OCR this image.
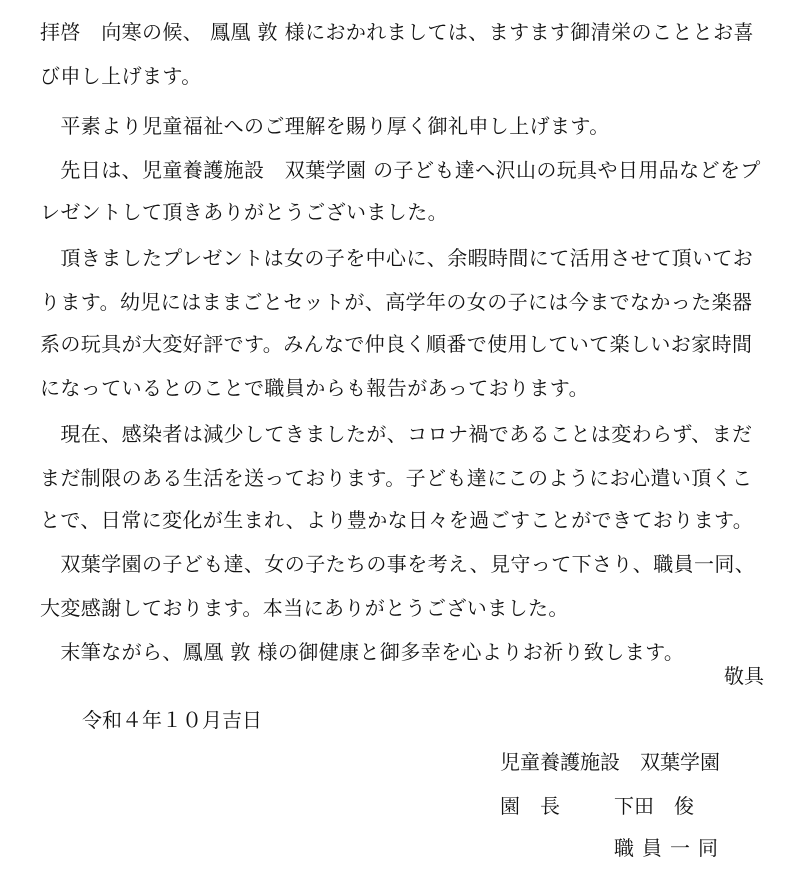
拝啓　向寒の候、 鳳凰 敦 様におかれましては、ますます御清栄のこととお喜
び申し上げます。
　平素より児童福祉へのご理解を賜り厚く御礼申し上げます。
　先日は、児童養護施設　双葉学園 の子ども達へ沢山の玩具や日用品などをプ
レゼントして頂きありがとうございました。
　頂きましたプレゼントは女の子を中心に、余暇時間にて活用させて頂いてお
ります。幼児にはままごとセットが、高学年の女の子には今までなかった楽器
系の玩具が大変好評です。みんなで仲良く順番で使用していて楽しいお家時間
になっているとのことで職員からも報告があっております。
　現在、感染者は減少してきましたが、コロナ禍であることは変わらず、まだ
まだ制限のある生活を送っております。子ども達にこのようにお心遣い頂くこ
とで、日常に変化が生まれ、より豊かな日々を過ごすことができております。
　双葉学園の子ども達、女の子たちの事を考え、見守って下さり、職員一同、
大変感謝しております。本当にありがとうございました。
　末筆ながら、鳳凰 敦 様の御健康と御多幸を心よりお祈り致します。
敬具
令和４年１０月吉日
児童養護施設　双葉学園
園　長	下田　俊
職員一同
